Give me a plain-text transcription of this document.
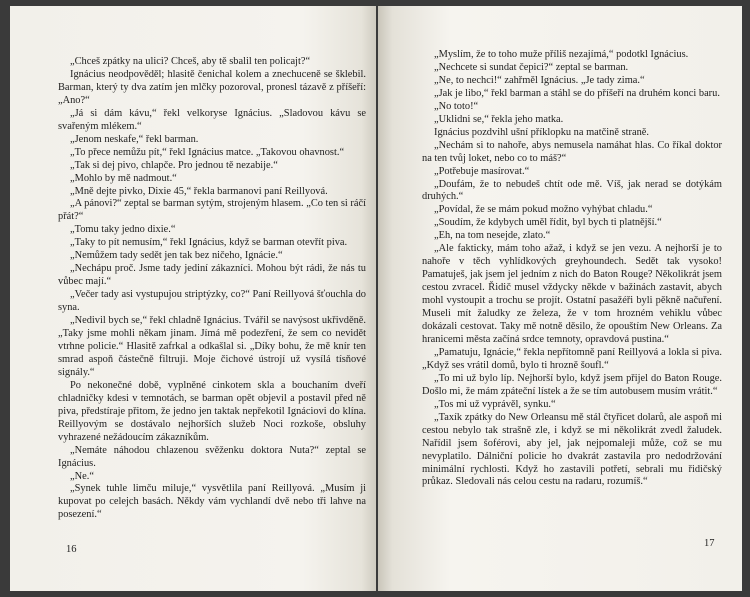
„Chceš zpátky na ulici? Chceš, aby tě sbalil ten policajt?“

Ignácius neodpověděl; hlasitě čenichal kolem a znechuceně se šklebil. Barman, který ty dva zatím jen mlčky pozoroval, pronesl tázavě z příšeří: „Ano?“

„Já si dám kávu,“ řekl velkoryse Ignácius. „Sladovou kávu se svařeným mlékem.“

„Jenom neskafe,“ řekl barman.

„To přece nemůžu pít,“ řekl Ignácius matce. „Takovou ohavnost.“

„Tak si dej pivo, chlapče. Pro jednou tě nezabije.“

„Mohlo by mě nadmout.“

„Mně dejte pivko, Dixie 45,“ řekla barmanovi paní Reillyová.

„A pánovi?“ zeptal se barman sytým, strojeným hlasem. „Co ten si ráčí přát?“

„Tomu taky jedno dixie.“

„Taky to pít nemusím,“ řekl Ignácius, když se barman otevřít piva.

„Nemůžem tady sedět jen tak bez ničeho, Ignácie.“

„Nechápu proč. Jsme tady jediní zákazníci. Mohou být rádi, že nás tu vůbec mají.“

„Večer tady asi vystupujou striptýzky, co?“ Paní Reillyová šťouchla do syna.

„Nedivil bych se,“ řekl chladně Ignácius. Tvářil se navýsost ukřivděně. „Taky jsme mohli někam jinam. Jímá mě podezření, že sem co nevidět vtrhne policie.“ Hlasitě zafrkal a odkašlal si. „Díky bohu, že mě knír ten smrad aspoň částečně filtruji. Moje čichové ústrojí už vysílá tísňové signály.“

Po nekonečné době, vyplněné cinkotem skla a bouchaním dveří chladničky kdesi v temnotách, se barman opět objevil a postavil před ně piva, předstíraje přitom, že jedno jen taktak nepřekotil Ignáciovi do klína. Reillyovým se dostávalo nejhorších služeb Noci rozkoše, obsluhy vyhrazené nežádoucím zákazníkům.

„Nemáte náhodou chlazenou svěženku doktora Nuta?“ zeptal se Ignácius.

„Ne.“

„Synek tuhle limču miluje,“ vysvětlila paní Reillyová. „Musím ji kupovat po celejch basách. Někdy vám vychlandí dvě nebo tři lahve na posezení.“

16

„Myslím, že to toho muže příliš nezajímá,“ podotkl Ignácius.

„Nechcete si sundat čepici?“ zeptal se barman.

„Ne, to nechci!“ zahřměl Ignácius. „Je tady zima.“

„Jak je libo,“ řekl barman a stáhl se do příšeří na druhém konci baru.

„No toto!“

„Uklidni se,“ řekla jeho matka.

Ignácius pozdvihl ušní příklopku na matčině straně.

„Nechám si to nahoře, abys nemusela namáhat hlas. Co říkal doktor na ten tvůj loket, nebo co to máš?“

„Potřebuje masírovat.“

„Doufám, že to nebudeš chtít ode mě. Víš, jak nerad se dotýkám druhých.“

„Povídal, že se mám pokud možno vyhýbat chladu.“

„Soudím, že kdybych uměl řídit, byl bych ti platnější.“

„Eh, na tom nesejde, zlato.“

„Ale fakticky, mám toho ažaž, i když se jen vezu. A nejhorší je to nahoře v těch vyhlídkových greyhoundech. Sedět tak vysoko! Pamatuješ, jak jsem jel jedním z nich do Baton Rouge? Několikrát jsem cestou zvracel. Řidič musel vždycky někde v bažinách zastavit, abych mohl vystoupit a trochu se projít. Ostatní pasažéři byli pěkně načuření. Museli mít žaludky ze železa, že v tom hrozném vehiklu vůbec dokázali cestovat. Taky mě notně děsilo, že opouštím New Orleans. Za hranicemi města začíná srdce temnoty, opravdová pustina.“

„Pamatuju, Ignácie,“ řekla nepřítomně paní Reillyová a lokla si piva. „Když ses vrátil domů, bylo ti hrozně šoufl.“

„To mi už bylo líp. Nejhorší bylo, když jsem přijel do Baton Rouge. Došlo mi, že mám zpáteční lístek a že se tím autobusem musím vrátit.“

„Tos mi už vyprávěl, synku.“

„Taxík zpátky do New Orleansu mě stál čtyřicet dolarů, ale aspoň mi cestou nebylo tak strašně zle, i když se mi několikrát zvedl žaludek. Nařídil jsem šoférovi, aby jel, jak nejpomaleji může, což se mu nevyplatilo. Dálniční policie ho dvakrát zastavila pro nedodržování minimální rychlosti. Když ho zastavili potřetí, sebrali mu řidičský průkaz. Sledovali nás celou cestu na radaru, rozumíš.“

17
